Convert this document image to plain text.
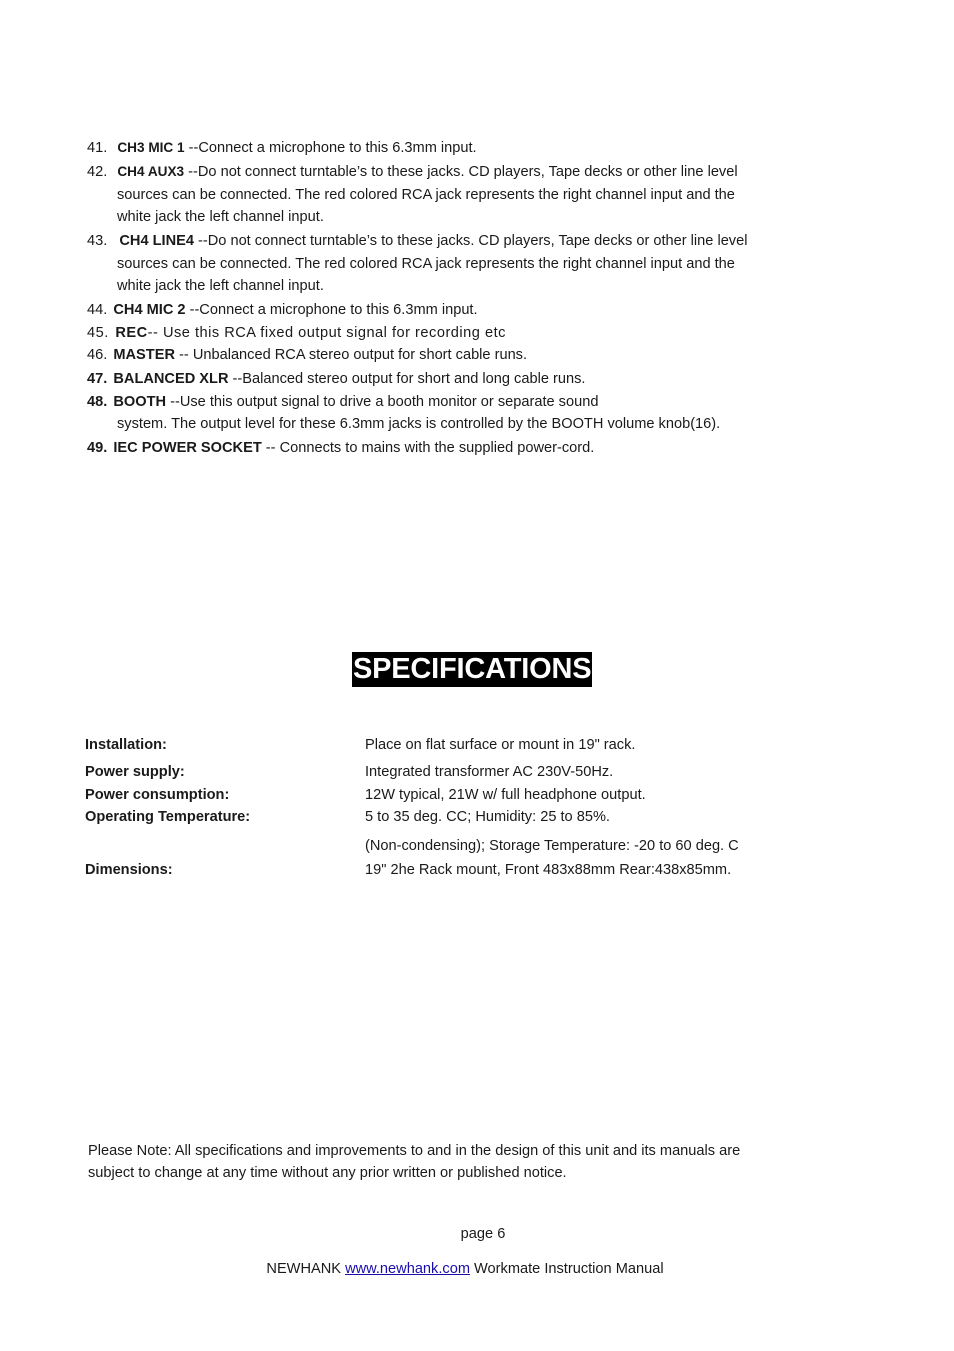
41. CH3 MIC 1 --Connect a microphone to this 6.3mm input.
42. CH4 AUX3 --Do not connect turntable’s to these jacks. CD players, Tape decks or other line level
sources can be connected. The red colored RCA jack represents the right channel input and the
white jack the left channel input.
43. CH4 LINE4 --Do not connect turntable’s to these jacks. CD players, Tape decks or other line level
sources can be connected. The red colored RCA jack represents the right channel input and the
white jack the left channel input.
44. CH4 MIC 2 --Connect a microphone to this 6.3mm input.
45. REC-- Use this RCA fixed output signal for recording etc
46. MASTER -- Unbalanced RCA stereo output for short cable runs.
47. BALANCED XLR --Balanced stereo output for short and long cable runs.
48. BOOTH --Use this output signal to drive a booth monitor or separate sound
system. The output level for these 6.3mm jacks is controlled by the BOOTH volume knob(16).
49. IEC POWER SOCKET -- Connects to mains with the supplied power-cord.
SPECIFICATIONS
Installation:	Place on flat surface or mount in 19" rack.
Power supply:	Integrated transformer AC 230V-50Hz.
Power consumption:	12W typical, 21W w/ full headphone output.
Operating Temperature:	5 to 35 deg. CC; Humidity: 25 to 85%.
(Non-condensing); Storage Temperature: -20 to 60 deg. C
Dimensions:	19" 2he Rack mount, Front 483x88mm Rear:438x85mm.
Please Note: All specifications and improvements to and in the design of this unit and its manuals are
subject to change at any time without any prior written or published notice.
page 6
NEWHANK www.newhank.com Workmate Instruction Manual
